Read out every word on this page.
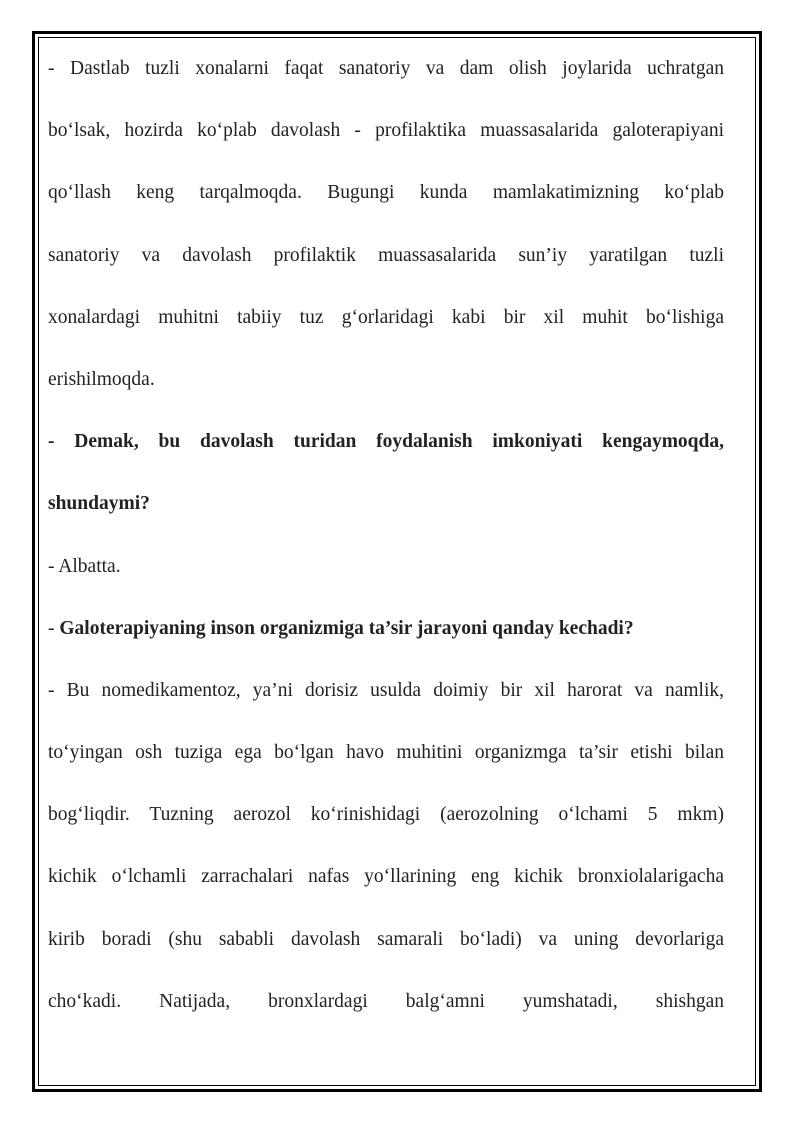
- Dastlab tuzli xonalarni faqat sanatoriy va dam olish joylarida uchratgan
bo‘lsak, hozirda ko‘plab davolash - profilaktika muassasalarida galoterapiyani
qo‘llash keng tarqalmoqda. Bugungi kunda mamlakatimizning ko‘plab
sanatoriy va davolash profilaktik muassasalarida sun’iy yaratilgan tuzli
xonalardagi muhitni tabiiy tuz g‘orlaridagi kabi bir xil muhit bo‘lishiga
erishilmoqda.
- Demak, bu davolash turidan foydalanish imkoniyati kengaymoqda,
shundaymi?
- Albatta.
- Galoterapiyaning inson organizmiga ta’sir jarayoni qanday kechadi?
- Bu nomedikamentoz, ya’ni dorisiz usulda doimiy bir xil harorat va namlik,
to‘yingan osh tuziga ega bo‘lgan havo muhitini organizmga ta’sir etishi bilan
bog‘liqdir. Tuzning aerozol ko‘rinishidagi (aerozolning o‘lchami 5 mkm)
kichik o‘lchamli zarrachalari nafas yo‘llarining eng kichik bronxiolalarigacha
kirib boradi (shu sababli davolash samarali bo‘ladi) va uning devorlariga
cho‘kadi. Natijada, bronxlardagi balg‘amni yumshatadi, shishgan
